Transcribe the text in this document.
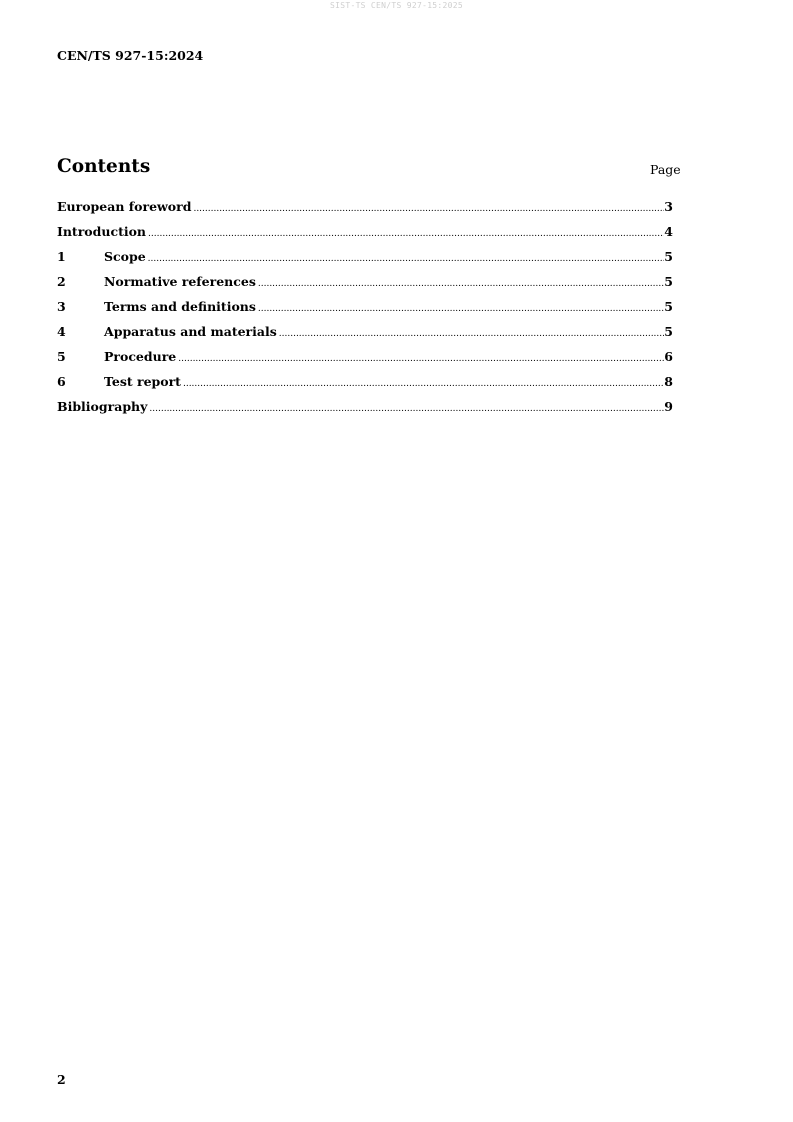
SIST-TS CEN/TS 927-15:2025
CEN/TS 927-15:2024
Contents	Page
European foreword .....	3
Introduction .....	4
1	Scope .....	5
2	Normative references .....	5
3	Terms and definitions .....	5
4	Apparatus and materials .....	5
5	Procedure .....	6
6	Test report .....	8
Bibliography .....	9
2
